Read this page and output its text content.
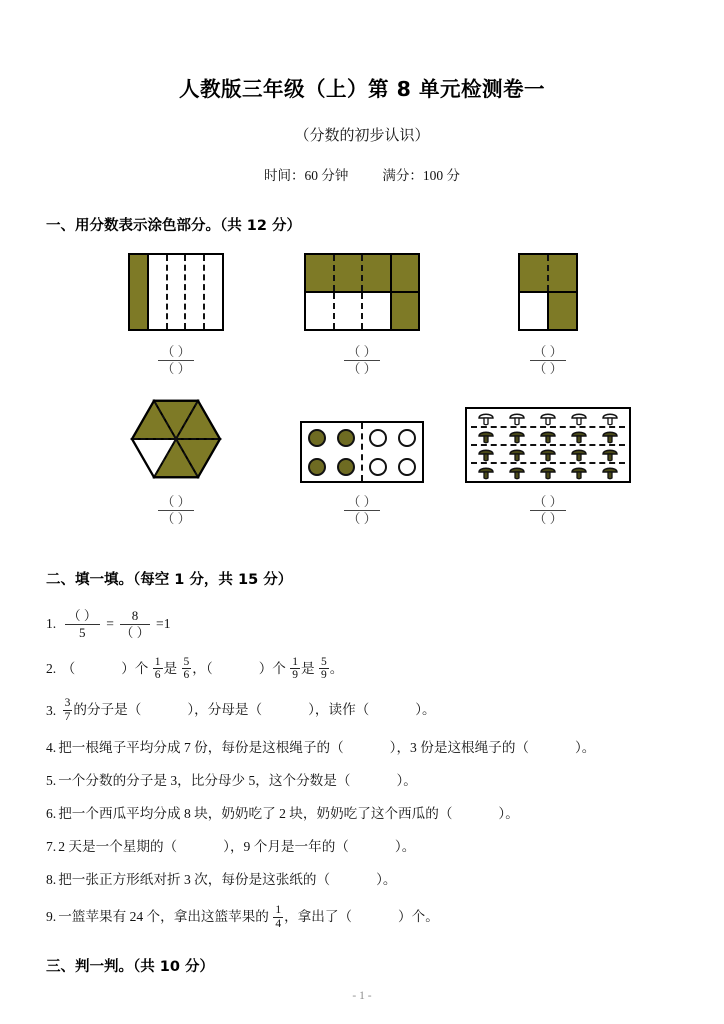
人教版三年级（上）第 8 单元检测卷一
（分数的初步认识）
时间：60 分钟	满分：100 分
一、用分数表示涂色部分。（共 12 分）
$\frac{( )}{( )}$	$\frac{( )}{( )}$	$\frac{( )}{( )}$
$\frac{( )}{( )}$	$\frac{( )}{( )}$	$\frac{( )}{( )}$
二、填一填。（每空 1 分，共 15 分）
1.
（ ）
5
=
8
（ ）
=1
2. （	）个 $\frac{1}{6}$ 是 $\frac{5}{6}$ ，（	）个 $\frac{1}{9}$ 是 $\frac{5}{9}$ 。
3. $\frac{3}{7}$ 的分子是（	），分母是（	），读作（	）。
4. 把一根绳子平均分成 7 份，每份是这根绳子的（	），3 份是这根绳子的（	）。
5. 一个分数的分子是 3，比分母少 5，这个分数是（	）。
6. 把一个西瓜平均分成 8 块，奶奶吃了 2 块，奶奶吃了这个西瓜的（	）。
7. 2 天是一个星期的（	），9 个月是一年的（	）。
8. 把一张正方形纸对折 3 次，每份是这张纸的（	）。
9. 一篮苹果有 24 个，拿出这篮苹果的 $\frac{1}{4}$ ，拿出了（	）个。
三、判一判。（共 10 分）
- 1 -
